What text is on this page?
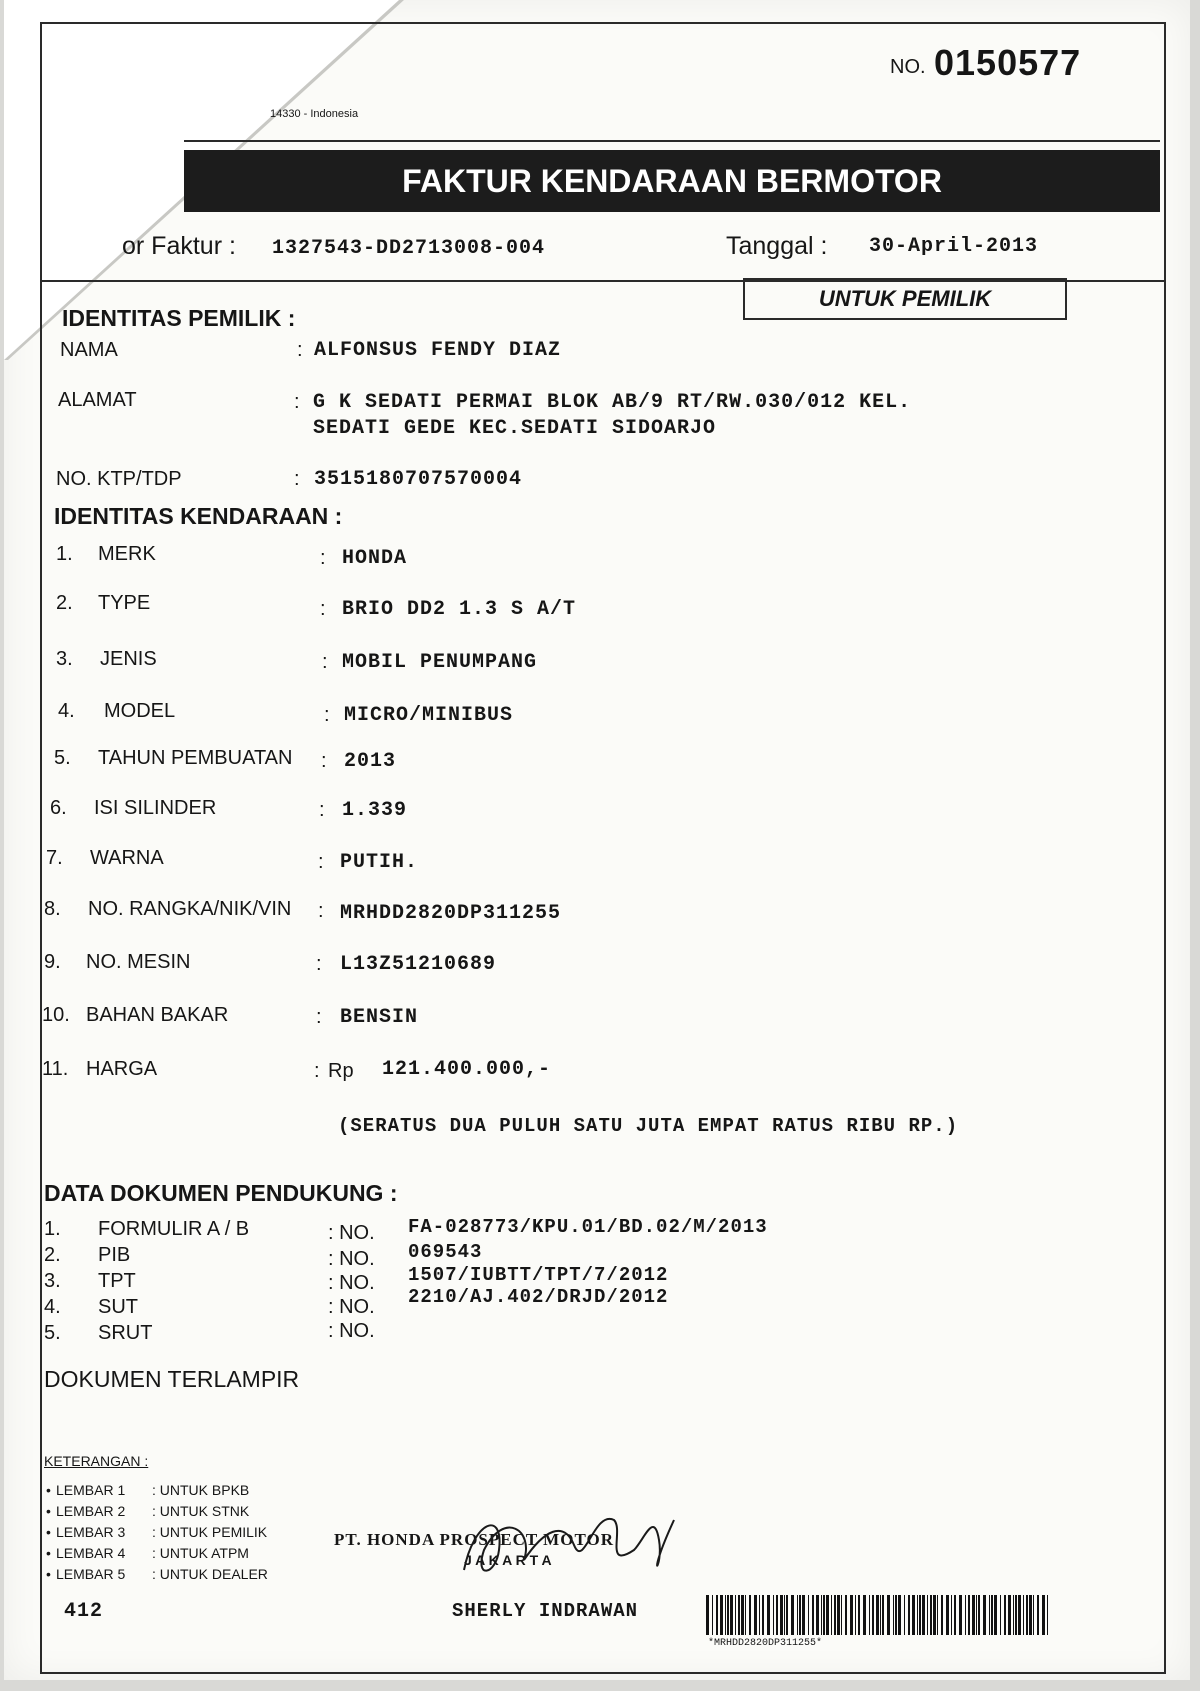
14330 - Indonesia
NO. 0150577
FAKTUR KENDARAAN BERMOTOR
or Faktur : 1327543-DD2713008-004	Tanggal : 30-April-2013
UNTUK PEMILIK
IDENTITAS PEMILIK :
NAMA	: ALFONSUS FENDY DIAZ
ALAMAT	: G K SEDATI PERMAI BLOK AB/9 RT/RW.030/012 KEL.
SEDATI GEDE KEC.SEDATI SIDOARJO
NO. KTP/TDP	: 3515180707570004
IDENTITAS KENDARAAN :
1. MERK	: HONDA
2. TYPE	: BRIO DD2 1.3 S A/T
3. JENIS	: MOBIL PENUMPANG
4. MODEL	: MICRO/MINIBUS
5. TAHUN PEMBUATAN : 2013
6. ISI SILINDER	: 1.339
7. WARNA	: PUTIH.
8. NO. RANGKA/NIK/VIN : MRHDD2820DP311255
9. NO. MESIN	: L13Z51210689
10. BAHAN BAKAR	: BENSIN
11. HARGA	: Rp 121.400.000,-
(SERATUS DUA PULUH SATU JUTA EMPAT RATUS RIBU RP.)
DATA DOKUMEN PENDUKUNG :
1. FORMULIR A / B	: NO. FA-028773/KPU.01/BD.02/M/2013
2. PIB	: NO. 069543
3. TPT	: NO. 1507/IUBTT/TPT/7/2012
4. SUT	: NO. 2210/AJ.402/DRJD/2012
5. SRUT	: NO.
DOKUMEN TERLAMPIR
KETERANGAN :
• LEMBAR 1 : UNTUK BPKB
• LEMBAR 2 : UNTUK STNK
• LEMBAR 3 : UNTUK PEMILIK
• LEMBAR 4 : UNTUK ATPM
• LEMBAR 5 : UNTUK DEALER
412
PT. HONDA PROSPECT MOTOR
J A K A R T A
SHERLY INDRAWAN
*MRHDD2820DP311255*
